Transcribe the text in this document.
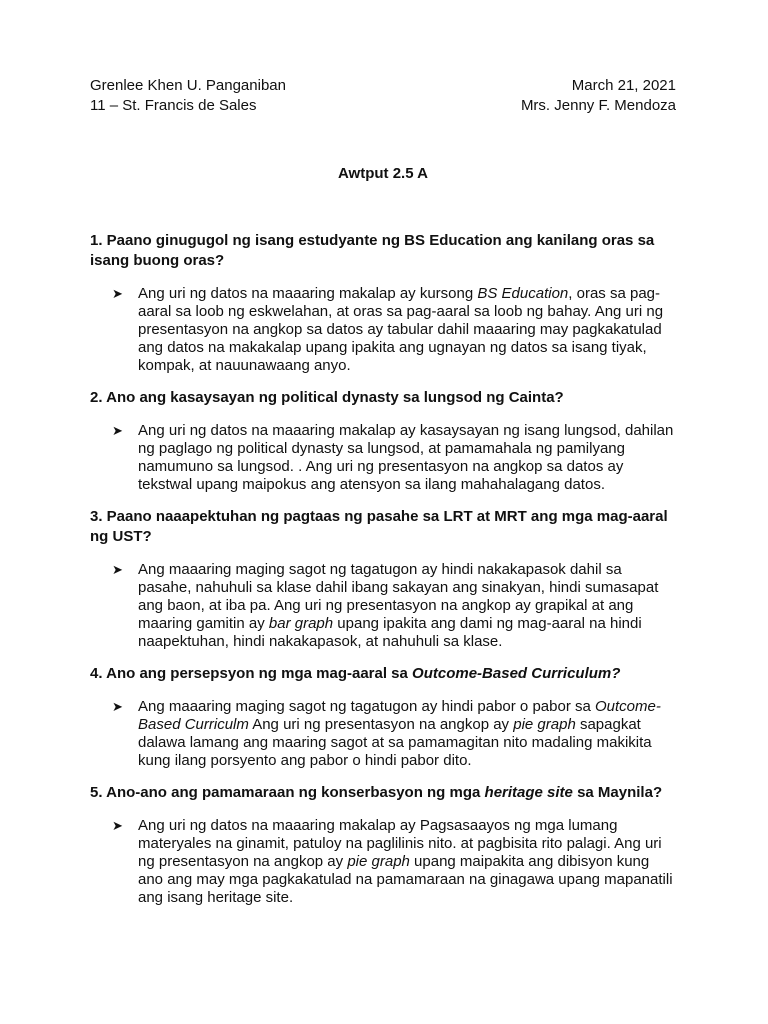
Grenlee Khen U. Panganiban
11 – St. Francis de Sales
March 21, 2021
Mrs. Jenny F. Mendoza
Awtput 2.5 A

1. Paano ginugugol ng isang estudyante ng BS Education ang kanilang oras sa isang buong oras?

➤	Ang uri ng datos na maaaring makalap ay kursong BS Education, oras sa pag-aaral sa loob ng eskwelahan, at oras sa pag-aaral sa loob ng bahay. Ang uri ng presentasyon na angkop sa datos ay tabular dahil maaaring may pagkakatulad ang datos na makakalap upang ipakita ang ugnayan ng datos sa isang tiyak, kompak, at nauunawaang anyo.

2. Ano ang kasaysayan ng political dynasty sa lungsod ng Cainta?

➤	Ang uri ng datos na maaaring makalap ay kasaysayan ng isang lungsod, dahilan ng paglago ng political dynasty sa lungsod, at pamamahala ng pamilyang namumuno sa lungsod. . Ang uri ng presentasyon na angkop sa datos ay tekstwal upang maipokus ang atensyon sa ilang mahahalagang datos.

3. Paano naaapektuhan ng pagtaas ng pasahe sa LRT at MRT ang mga mag-aaral ng UST?

➤	Ang maaaring maging sagot ng tagatugon ay hindi nakakapasok dahil sa pasahe, nahuhuli sa klase dahil ibang sakayan ang sinakyan, hindi sumasapat ang baon, at iba pa. Ang uri ng presentasyon na angkop ay grapikal at ang maaring gamitin ay bar graph upang ipakita ang dami ng mag-aaral na hindi naapektuhan, hindi nakakapasok, at nahuhuli sa klase.

4. Ano ang persepsyon ng mga mag-aaral sa Outcome-Based Curriculum?

➤	Ang maaaring maging sagot ng tagatugon ay hindi pabor o pabor sa Outcome-Based Curriculm Ang uri ng presentasyon na angkop ay pie graph sapagkat dalawa lamang ang maaring sagot at sa pamamagitan nito madaling makikita kung ilang porsyento ang pabor o hindi pabor dito.

5. Ano-ano ang pamamaraan ng konserbasyon ng mga heritage site sa Maynila?

➤	Ang uri ng datos na maaaring makalap ay Pagsasaayos ng mga lumang materyales na ginamit, patuloy na paglilinis nito. at pagbisita rito palagi. Ang uri ng presentasyon na angkop ay pie graph upang maipakita ang dibisyon kung ano ang may mga pagkakatulad na pamamaraan na ginagawa upang mapanatili ang isang heritage site.
